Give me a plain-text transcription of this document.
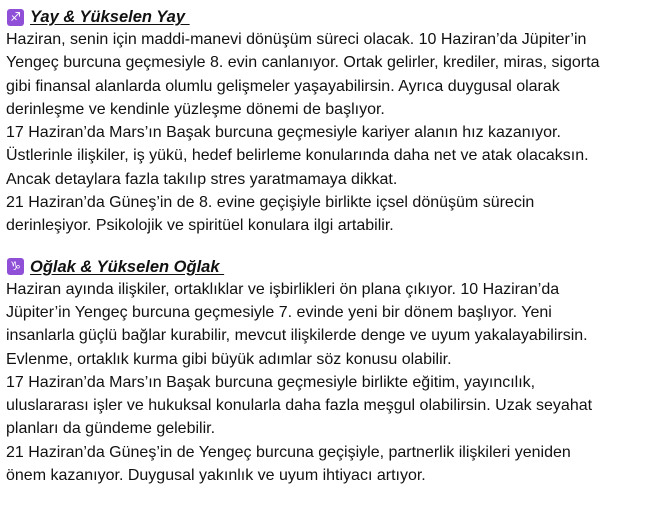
♐ Yay & Yükselen Yay

Haziran, senin için maddi-manevi dönüşüm süreci olacak. 10 Haziran’da Jüpiter’in

Yengeç burcuna geçmesiyle 8. evin canlanıyor. Ortak gelirler, krediler, miras, sigorta

gibi finansal alanlarda olumlu gelişmeler yaşayabilirsin. Ayrıca duygusal olarak

derinleşme ve kendinle yüzleşme dönemi de başlıyor.

17 Haziran’da Mars’ın Başak burcuna geçmesiyle kariyer alanın hız kazanıyor.

Üstlerinle ilişkiler, iş yükü, hedef belirleme konularında daha net ve atak olacaksın.

Ancak detaylara fazla takılıp stres yaratmamaya dikkat.

21 Haziran’da Güneş’in de 8. evine geçişiyle birlikte içsel dönüşüm sürecin

derinleşiyor. Psikolojik ve spiritüel konulara ilgi artabilir.

♑ Oğlak & Yükselen Oğlak

Haziran ayında ilişkiler, ortaklıklar ve işbirlikleri ön plana çıkıyor. 10 Haziran’da

Jüpiter’in Yengeç burcuna geçmesiyle 7. evinde yeni bir dönem başlıyor. Yeni

insanlarla güçlü bağlar kurabilir, mevcut ilişkilerde denge ve uyum yakalayabilirsin.

Evlenme, ortaklık kurma gibi büyük adımlar söz konusu olabilir.

17 Haziran’da Mars’ın Başak burcuna geçmesiyle birlikte eğitim, yayıncılık,

uluslararası işler ve hukuksal konularla daha fazla meşgul olabilirsin. Uzak seyahat

planları da gündeme gelebilir.

21 Haziran’da Güneş’in de Yengeç burcuna geçişiyle, partnerlik ilişkileri yeniden

önem kazanıyor. Duygusal yakınlık ve uyum ihtiyacı artıyor.
